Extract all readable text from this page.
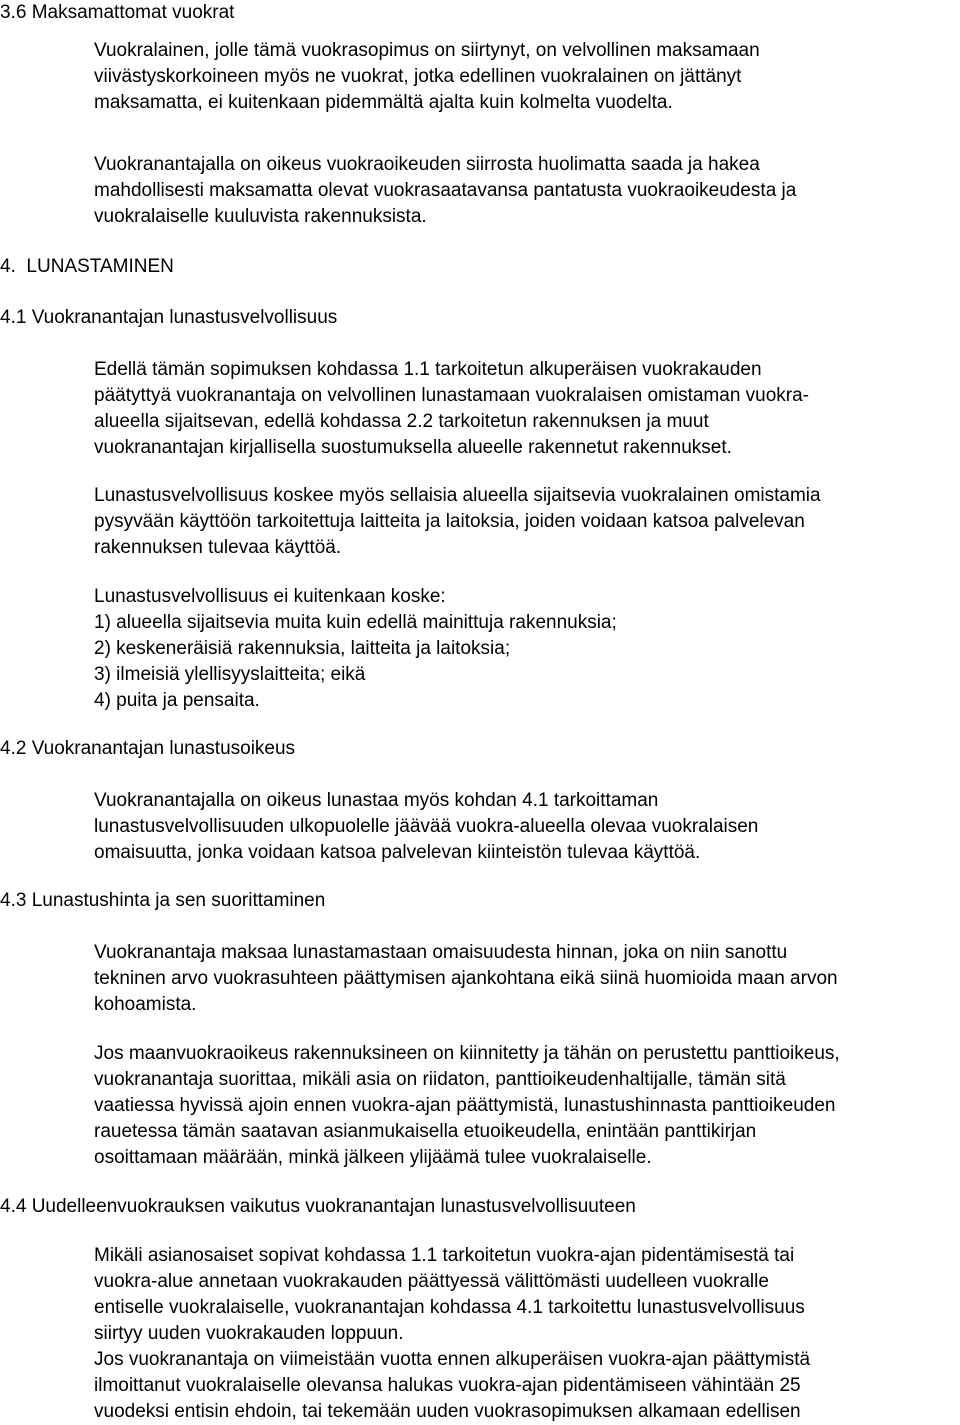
3.6 Maksamattomat vuokrat
Vuokralainen, jolle tämä vuokrasopimus on siirtynyt, on velvollinen maksamaan
viivästyskorkoineen myös ne vuokrat, jotka edellinen vuokralainen on jättänyt
maksamatta, ei kuitenkaan pidemmältä ajalta kuin kolmelta vuodelta.
Vuokranantajalla on oikeus vuokraoikeuden siirrosta huolimatta saada ja hakea
mahdollisesti maksamatta olevat vuokrasaatavansa pantatusta vuokraoikeudesta ja
vuokralaiselle kuuluvista rakennuksista.
4.  LUNASTAMINEN
4.1 Vuokranantajan lunastusvelvollisuus
Edellä tämän sopimuksen kohdassa 1.1 tarkoitetun alkuperäisen vuokrakauden
päätyttyä vuokranantaja on velvollinen lunastamaan vuokralaisen omistaman vuokra-
alueella sijaitsevan, edellä kohdassa 2.2 tarkoitetun rakennuksen ja muut
vuokranantajan kirjallisella suostumuksella alueelle rakennetut rakennukset.
Lunastusvelvollisuus koskee myös sellaisia alueella sijaitsevia vuokralainen omistamia
pysyvään käyttöön tarkoitettuja laitteita ja laitoksia, joiden voidaan katsoa palvelevan
rakennuksen tulevaa käyttöä.
Lunastusvelvollisuus ei kuitenkaan koske:
1) alueella sijaitsevia muita kuin edellä mainittuja rakennuksia;
2) keskeneräisiä rakennuksia, laitteita ja laitoksia;
3) ilmeisiä ylellisyyslaitteita; eikä
4) puita ja pensaita.
4.2 Vuokranantajan lunastusoikeus
Vuokranantajalla on oikeus lunastaa myös kohdan 4.1 tarkoittaman
lunastusvelvollisuuden ulkopuolelle jäävää vuokra-alueella olevaa vuokralaisen
omaisuutta, jonka voidaan katsoa palvelevan kiinteistön tulevaa käyttöä.
4.3 Lunastushinta ja sen suorittaminen
Vuokranantaja maksaa lunastamastaan omaisuudesta hinnan, joka on niin sanottu
tekninen arvo vuokrasuhteen päättymisen ajankohtana eikä siinä huomioida maan arvon
kohoamista.
Jos maanvuokraoikeus rakennuksineen on kiinnitetty ja tähän on perustettu panttioikeus,
vuokranantaja suorittaa, mikäli asia on riidaton, panttioikeudenhaltijalle, tämän sitä
vaatiessa hyvissä ajoin ennen vuokra-ajan päättymistä, lunastushinnasta panttioikeuden
rauetessa tämän saatavan asianmukaisella etuoikeudella, enintään panttikirjan
osoittamaan määrään, minkä jälkeen ylijäämä tulee vuokralaiselle.
4.4 Uudelleenvuokrauksen vaikutus vuokranantajan lunastusvelvollisuuteen
Mikäli asianosaiset sopivat kohdassa 1.1 tarkoitetun vuokra-ajan pidentämisestä tai
vuokra-alue annetaan vuokrakauden päättyessä välittömästi uudelleen vuokralle
entiselle vuokralaiselle, vuokranantajan kohdassa 4.1 tarkoitettu lunastusvelvollisuus
siirtyy uuden vuokrakauden loppuun.
Jos vuokranantaja on viimeistään vuotta ennen alkuperäisen vuokra-ajan päättymistä
ilmoittanut vuokralaiselle olevansa halukas vuokra-ajan pidentämiseen vähintään 25
vuodeksi entisin ehdoin, tai tekemään uuden vuokrasopimuksen alkamaan edellisen
